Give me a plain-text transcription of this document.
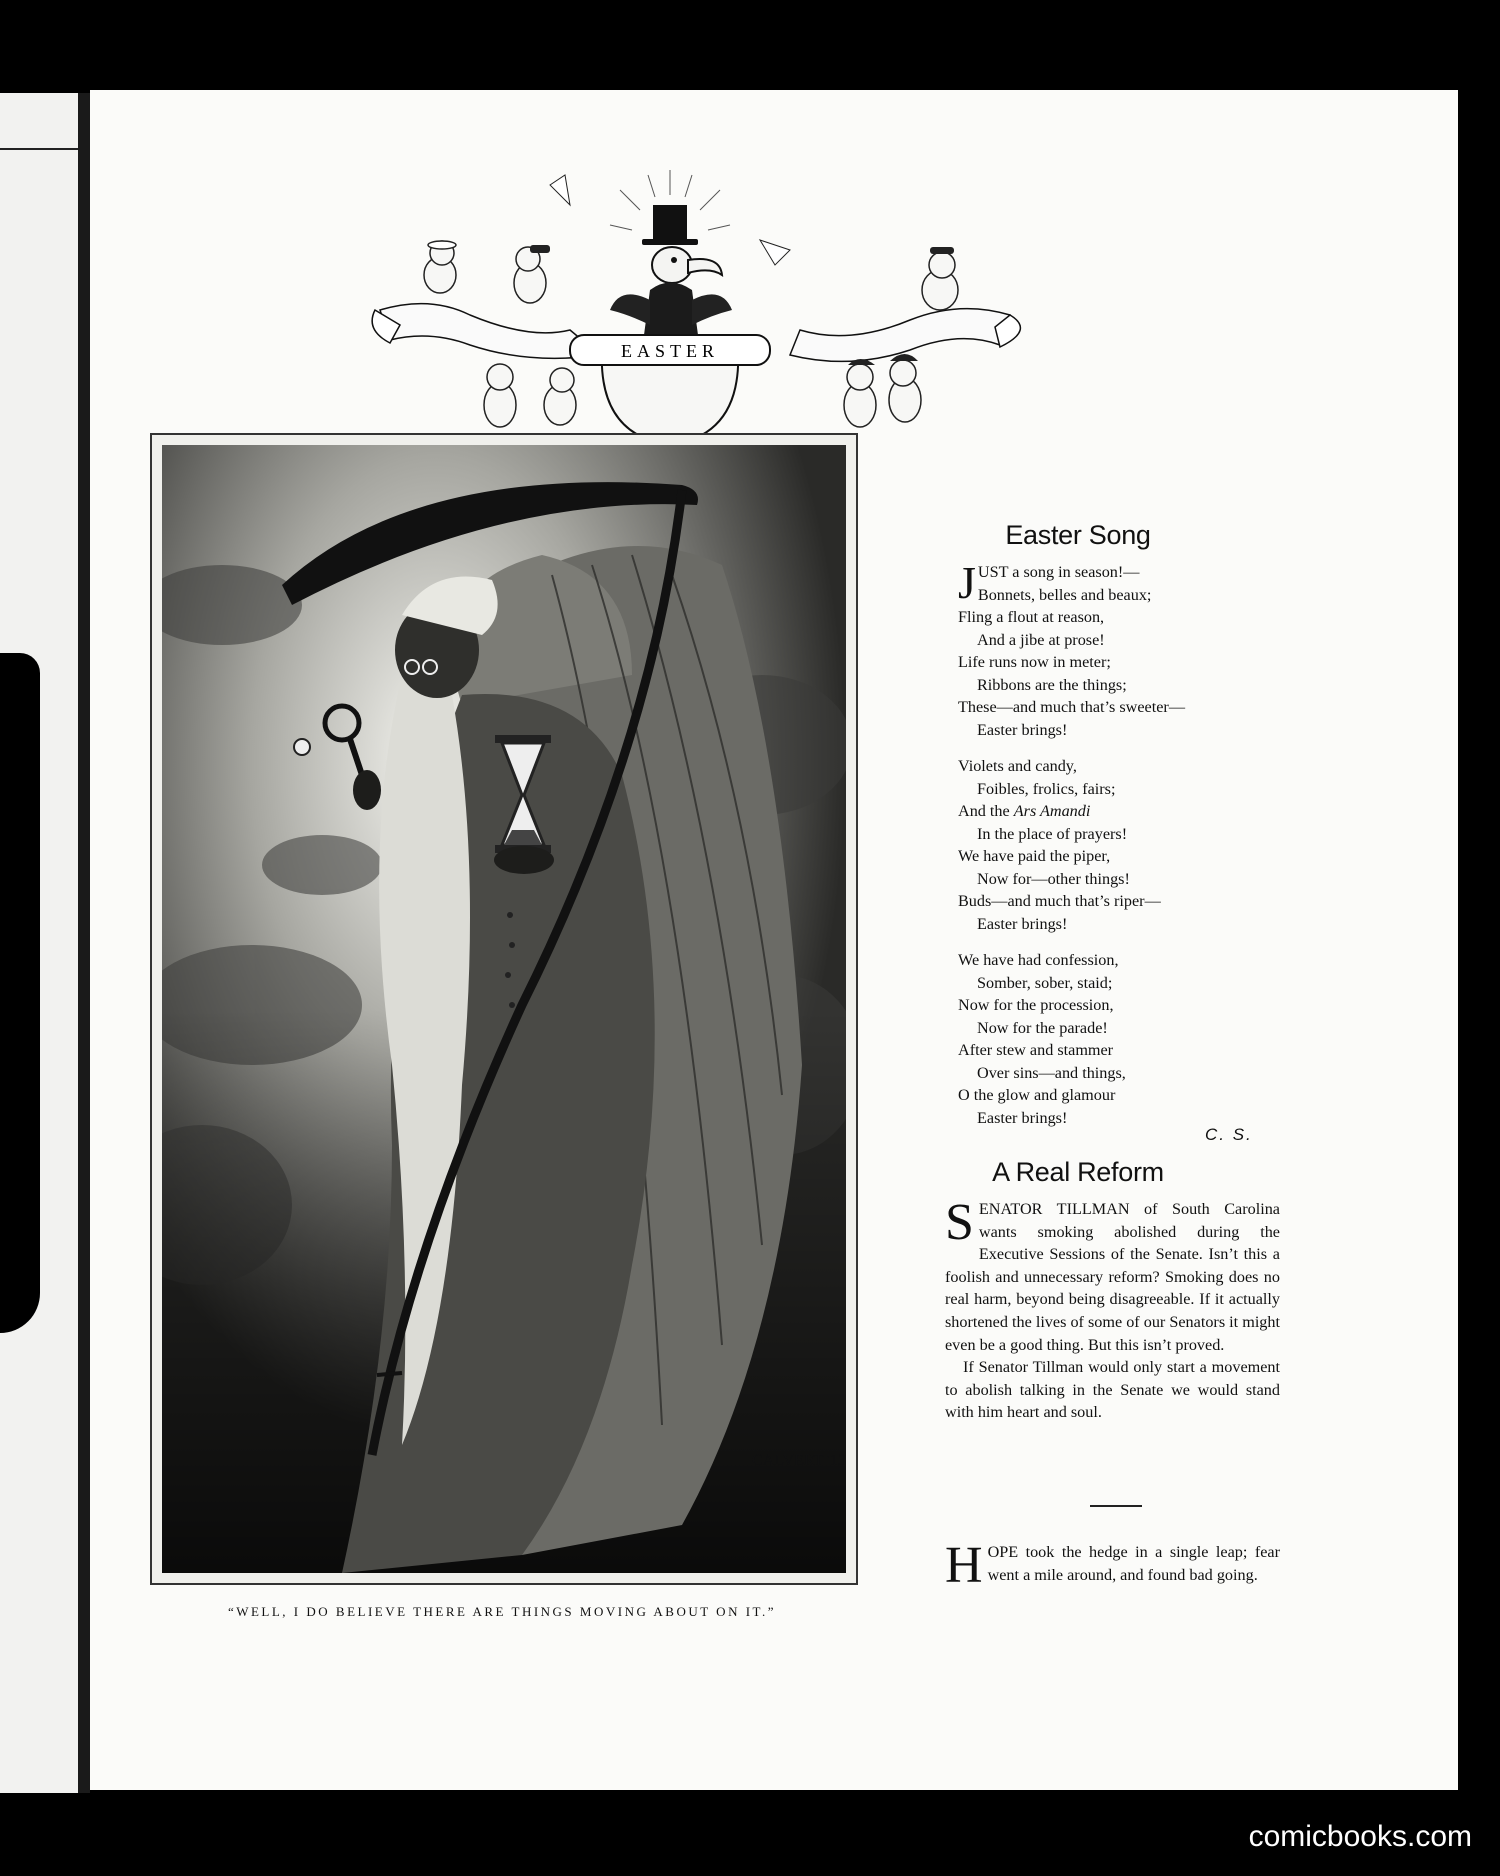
EASTER
CALVERT '13
“WELL, I DO BELIEVE THERE ARE THINGS MOVING ABOUT ON IT.”
Easter Song
JUST a song in season!—
Bonnets, belles and beaux;
Fling a flout at reason,
And a jibe at prose!
Life runs now in meter;
Ribbons are the things;
These—and much that’s sweeter—
Easter brings!
Violets and candy,
Foibles, frolics, fairs;
And the Ars Amandi
In the place of prayers!
We have paid the piper,
Now for—other things!
Buds—and much that’s riper—
Easter brings!
We have had confession,
Somber, sober, staid;
Now for the procession,
Now for the parade!
After stew and stammer
Over sins—and things,
O the glow and glamour
Easter brings!
C. S.
A Real Reform

SENATOR TILLMAN of South Carolina wants smoking abolished during the Executive Sessions of the Senate. Isn’t this a foolish and unnecessary reform? Smoking does no real harm, beyond being disagreeable. If it actually shortened the lives of some of our Senators it might even be a good thing. But this isn’t proved.

If Senator Tillman would only start a movement to abolish talking in the Senate we would stand with him heart and soul.

HOPE took the hedge in a single leap; fear went a mile around, and found bad going.

comicbooks.com
